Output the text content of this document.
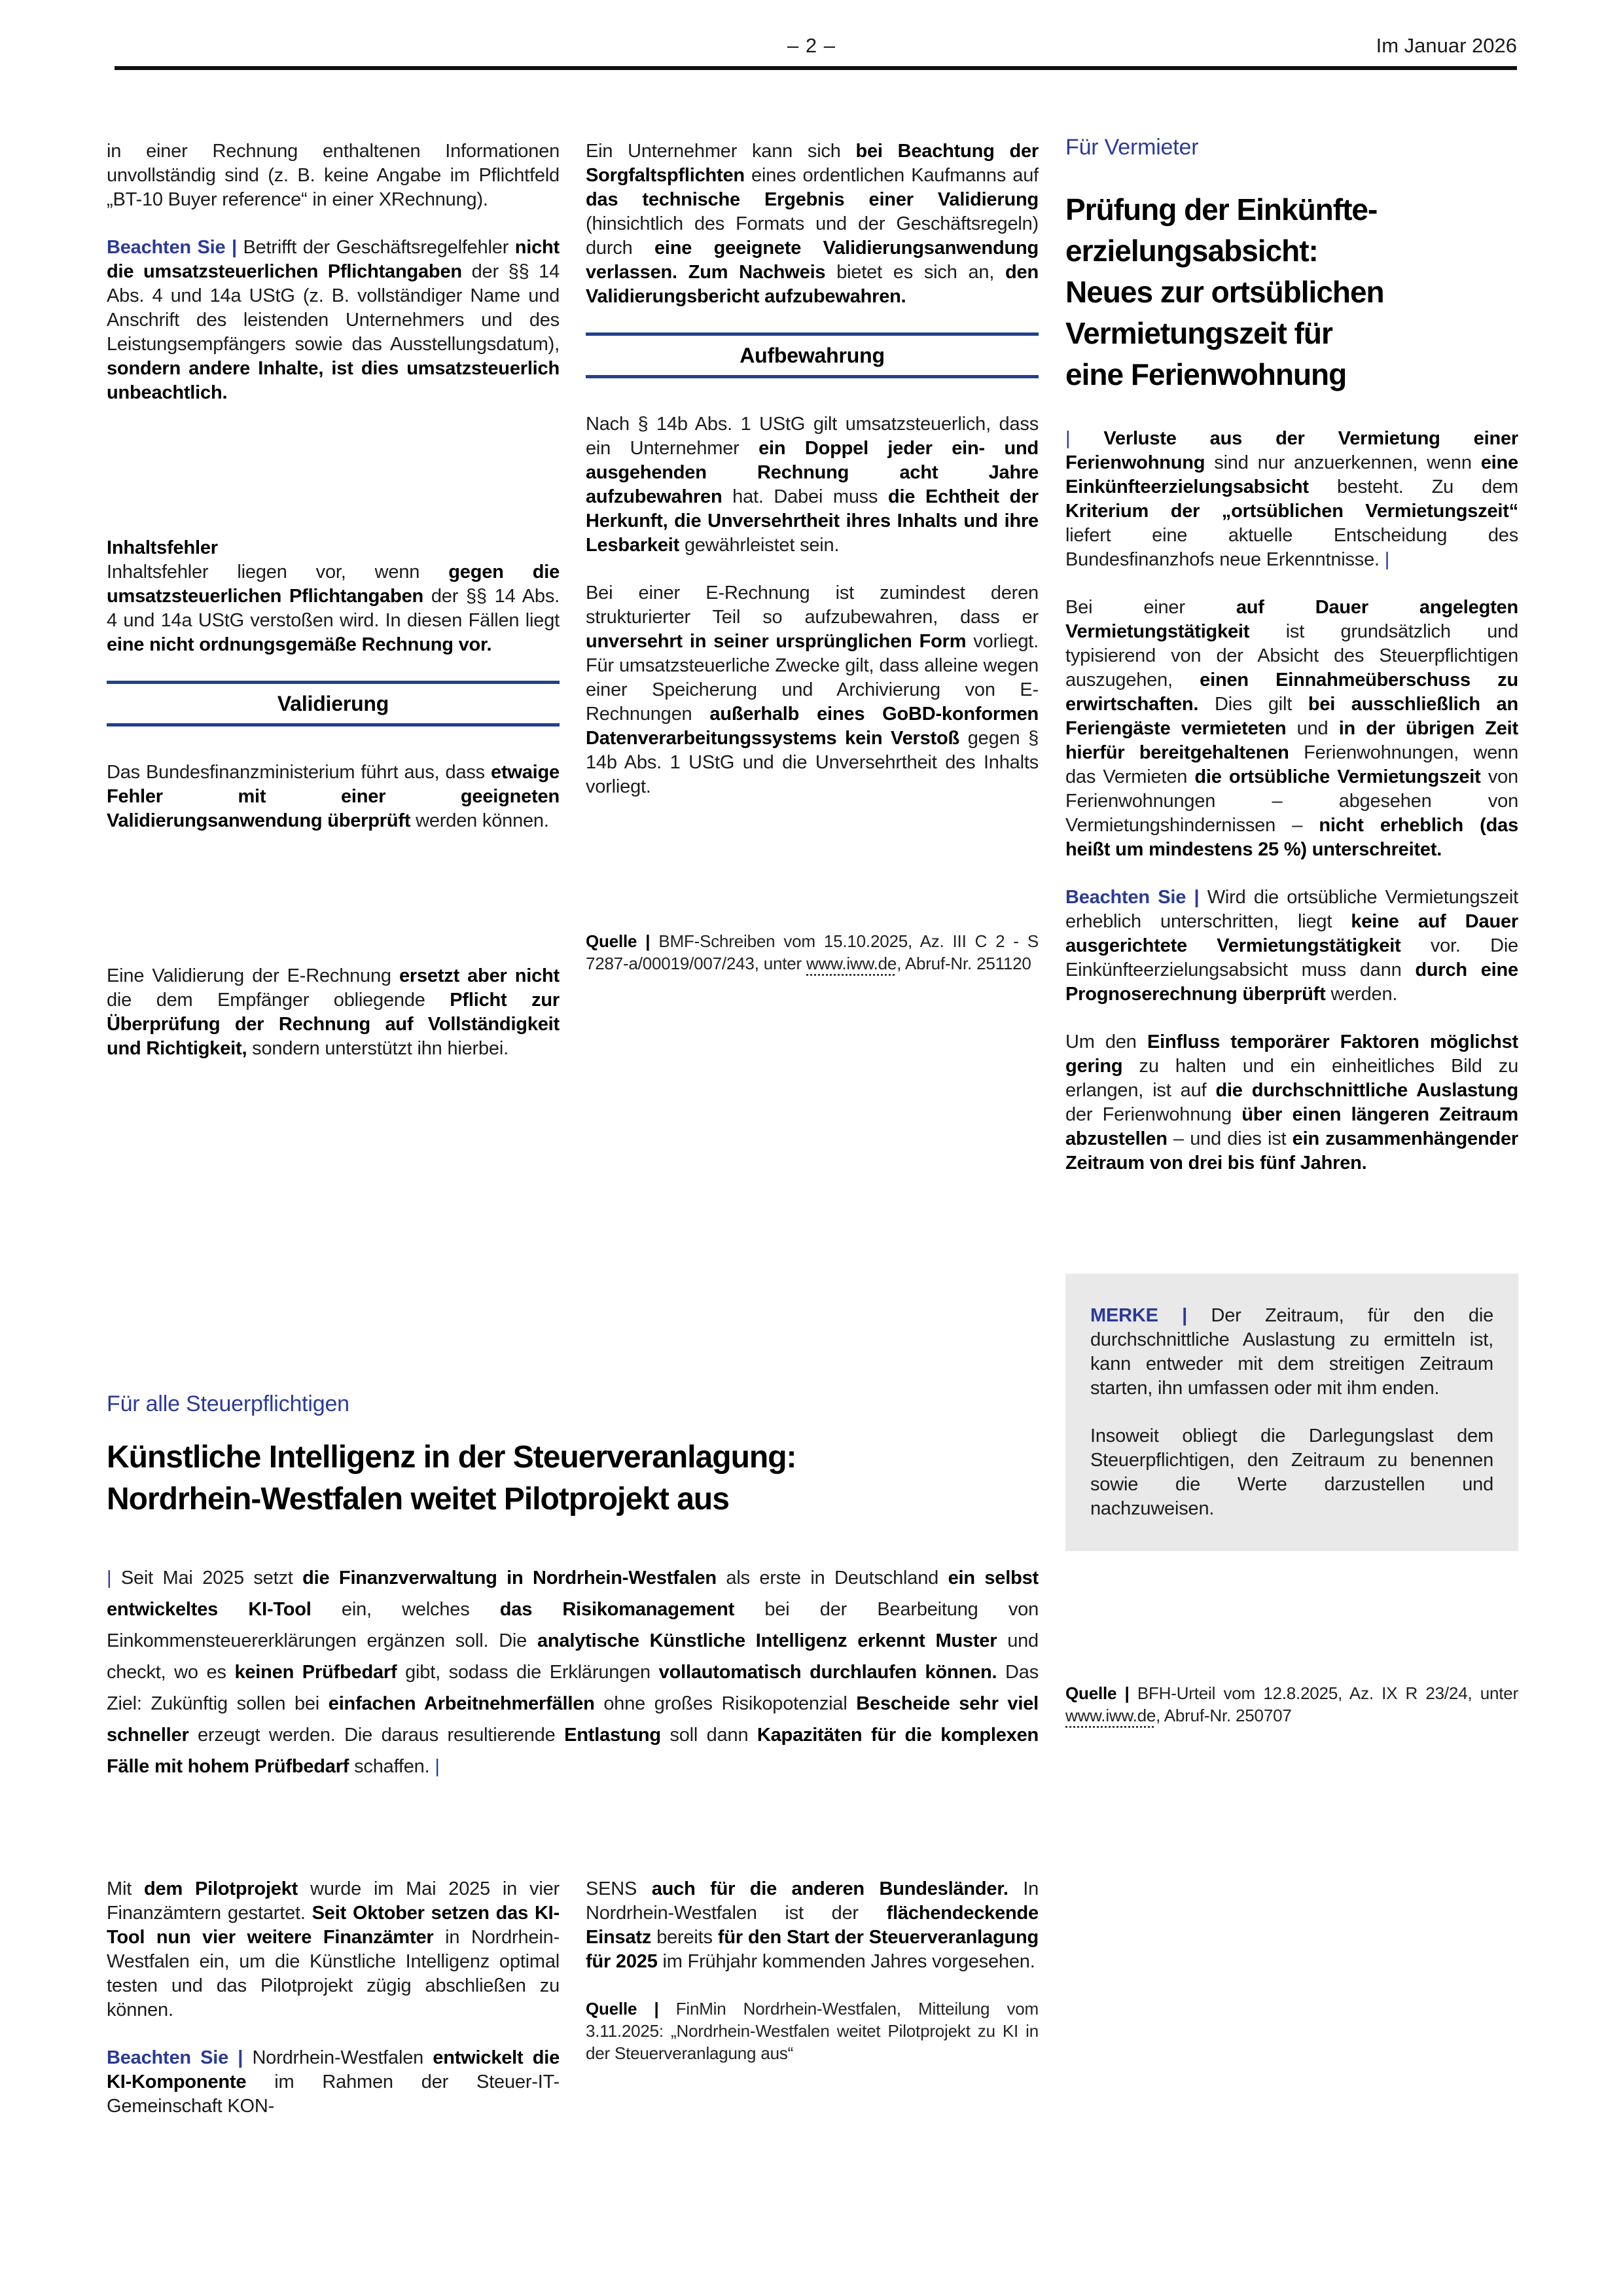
– 2 –	Im Januar 2026

in einer Rechnung enthaltenen Informationen unvollständig sind (z. B. keine Angabe im Pflichtfeld „BT-10 Buyer reference“ in einer XRechnung).

Beachten Sie | Betrifft der Geschäftsregelfehler nicht die umsatzsteuerlichen Pflichtangaben der §§ 14 Abs. 4 und 14a UStG (z. B. vollständiger Name und Anschrift des leistenden Unternehmers und des Leistungsempfängers sowie das Ausstellungsdatum), sondern andere Inhalte, ist dies umsatzsteuerlich unbeachtlich.

Inhaltsfehler

Inhaltsfehler liegen vor, wenn gegen die umsatzsteuerlichen Pflichtangaben der §§ 14 Abs. 4 und 14a UStG verstoßen wird. In diesen Fällen liegt eine nicht ordnungsgemäße Rechnung vor.

Validierung

Das Bundesfinanzministerium führt aus, dass etwaige Fehler mit einer geeigneten Validierungsanwendung überprüft werden können.

Eine Validierung der E-Rechnung ersetzt aber nicht die dem Empfänger obliegende Pflicht zur Überprüfung der Rechnung auf Vollständigkeit und Richtigkeit, sondern unterstützt ihn hierbei.

Ein Unternehmer kann sich bei Beachtung der Sorgfaltspflichten eines ordentlichen Kaufmanns auf das technische Ergebnis einer Validierung (hinsichtlich des Formats und der Geschäftsregeln) durch eine geeignete Validierungsanwendung verlassen. Zum Nachweis bietet es sich an, den Validierungsbericht aufzubewahren.

Aufbewahrung

Nach § 14b Abs. 1 UStG gilt umsatzsteuerlich, dass ein Unternehmer ein Doppel jeder ein- und ausgehenden Rechnung acht Jahre aufzubewahren hat. Dabei muss die Echtheit der Herkunft, die Unversehrtheit ihres Inhalts und ihre Lesbarkeit gewährleistet sein.

Bei einer E-Rechnung ist zumindest deren strukturierter Teil so aufzubewahren, dass er unversehrt in seiner ursprünglichen Form vorliegt. Für umsatzsteuerliche Zwecke gilt, dass alleine wegen einer Speicherung und Archivierung von E-Rechnungen außerhalb eines GoBD-konformen Datenverarbeitungssystems kein Verstoß gegen § 14b Abs. 1 UStG und die Unversehrtheit des Inhalts vorliegt.

Quelle | BMF-Schreiben vom 15.10.2025, Az. III C 2 - S 7287-a/00019/007/243, unter www.iww.de, Abruf-Nr. 251120
Für Vermieter
Prüfung der Einkünfte-
erzielungsabsicht:
Neues zur ortsüblichen
Vermietungszeit für
eine Ferienwohnung

| Verluste aus der Vermietung einer Ferienwohnung sind nur anzuerkennen, wenn eine Einkünfteerzielungsabsicht besteht. Zu dem Kriterium der „ortsüblichen Vermietungszeit“ liefert eine aktuelle Entscheidung des Bundesfinanzhofs neue Erkenntnisse. |

Bei einer auf Dauer angelegten Vermietungstätigkeit ist grundsätzlich und typisierend von der Absicht des Steuerpflichtigen auszugehen, einen Einnahmeüberschuss zu erwirtschaften. Dies gilt bei ausschließlich an Feriengäste vermieteten und in der übrigen Zeit hierfür bereitgehaltenen Ferienwohnungen, wenn das Vermieten die ortsübliche Vermietungszeit von Ferienwohnungen – abgesehen von Vermietungshindernissen – nicht erheblich (das heißt um mindestens 25 %) unterschreitet.

Beachten Sie | Wird die ortsübliche Vermietungszeit erheblich unterschritten, liegt keine auf Dauer ausgerichtete Vermietungstätigkeit vor. Die Einkünfteerzielungsabsicht muss dann durch eine Prognoserechnung überprüft werden.

Um den Einfluss temporärer Faktoren möglichst gering zu halten und ein einheitliches Bild zu erlangen, ist auf die durchschnittliche Auslastung der Ferienwohnung über einen längeren Zeitraum abzustellen – und dies ist ein zusammenhängender Zeitraum von drei bis fünf Jahren.

MERKE | Der Zeitraum, für den die durchschnittliche Auslastung zu ermitteln ist, kann entweder mit dem streitigen Zeitraum starten, ihn umfassen oder mit ihm enden.

Insoweit obliegt die Darlegungslast dem Steuerpflichtigen, den Zeitraum zu benennen sowie die Werte darzustellen und nachzuweisen.

Quelle | BFH-Urteil vom 12.8.2025, Az. IX R 23/24, unter www.iww.de, Abruf-Nr. 250707
Für alle Steuerpflichtigen
Künstliche Intelligenz in der Steuerveranlagung:
Nordrhein-Westfalen weitet Pilotprojekt aus

| Seit Mai 2025 setzt die Finanzverwaltung in Nordrhein-Westfalen als erste in Deutschland ein selbst entwickeltes KI-Tool ein, welches das Risikomanagement bei der Bearbeitung von Einkommensteuererklärungen ergänzen soll. Die analytische Künstliche Intelligenz erkennt Muster und checkt, wo es keinen Prüfbedarf gibt, sodass die Erklärungen vollautomatisch durchlaufen können. Das Ziel: Zukünftig sollen bei einfachen Arbeitnehmerfällen ohne großes Risikopotenzial Bescheide sehr viel schneller erzeugt werden. Die daraus resultierende Entlastung soll dann Kapazitäten für die komplexen Fälle mit hohem Prüfbedarf schaffen. |

Mit dem Pilotprojekt wurde im Mai 2025 in vier Finanzämtern gestartet. Seit Oktober setzen das KI-Tool nun vier weitere Finanzämter in Nordrhein-Westfalen ein, um die Künstliche Intelligenz optimal testen und das Pilotprojekt zügig abschließen zu können.

Beachten Sie | Nordrhein-Westfalen entwickelt die KI-Komponente im Rahmen der Steuer-IT-Gemeinschaft KON-

SENS auch für die anderen Bundesländer. In Nordrhein-Westfalen ist der flächendeckende Einsatz bereits für den Start der Steuerveranlagung für 2025 im Frühjahr kommenden Jahres vorgesehen.

Quelle | FinMin Nordrhein-Westfalen, Mitteilung vom 3.11.2025: „Nordrhein-Westfalen weitet Pilotprojekt zu KI in der Steuerveranlagung aus“
